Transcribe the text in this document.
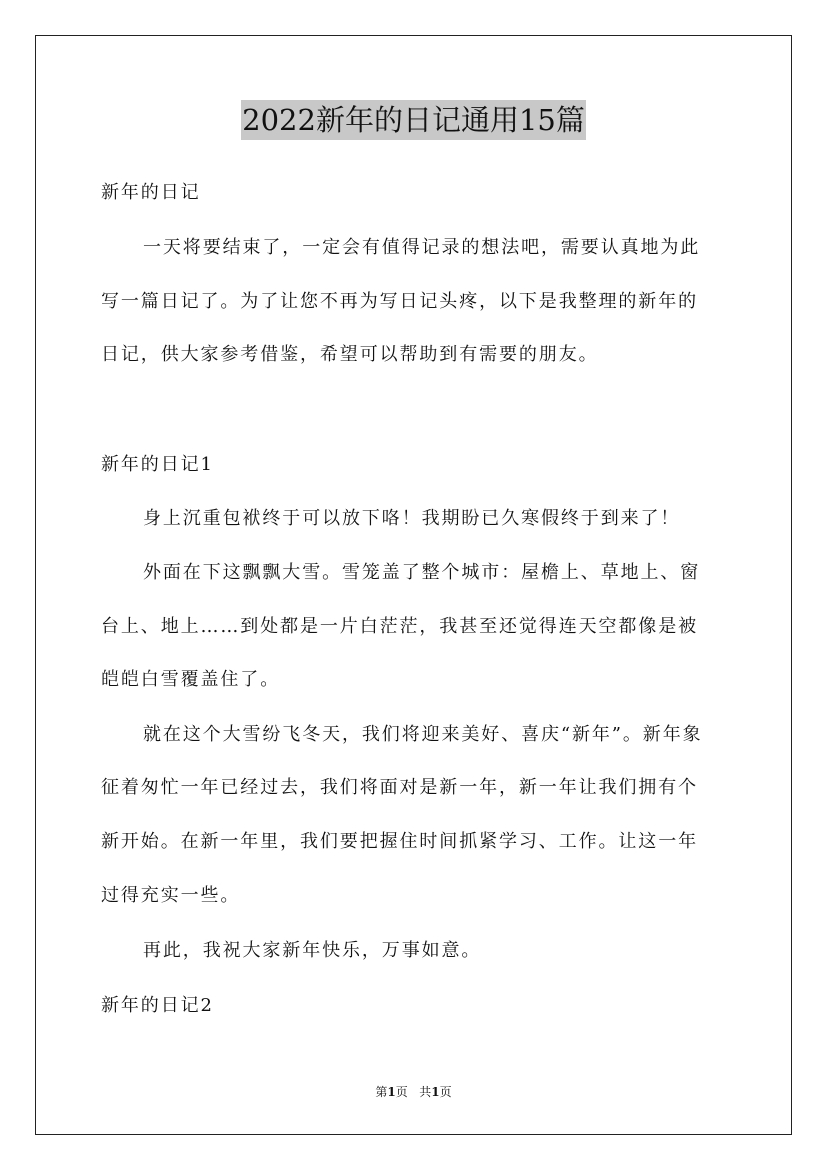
2022新年的日记通用15篇
新年的日记
一天将要结束了，一定会有值得记录的想法吧，需要认真地为此
写一篇日记了。为了让您不再为写日记头疼，以下是我整理的新年的
日记，供大家参考借鉴，希望可以帮助到有需要的朋友。
新年的日记1
身上沉重包袱终于可以放下咯！我期盼已久寒假终于到来了！
外面在下这飘飘大雪。雪笼盖了整个城市：屋檐上、草地上、窗
台上、地上……到处都是一片白茫茫，我甚至还觉得连天空都像是被
皑皑白雪覆盖住了。
就在这个大雪纷飞冬天，我们将迎来美好、喜庆“新年”。新年象
征着匆忙一年已经过去，我们将面对是新一年，新一年让我们拥有个
新开始。在新一年里，我们要把握住时间抓紧学习、工作。让这一年
过得充实一些。
再此，我祝大家新年快乐，万事如意。
新年的日记2
第1页 共1页
